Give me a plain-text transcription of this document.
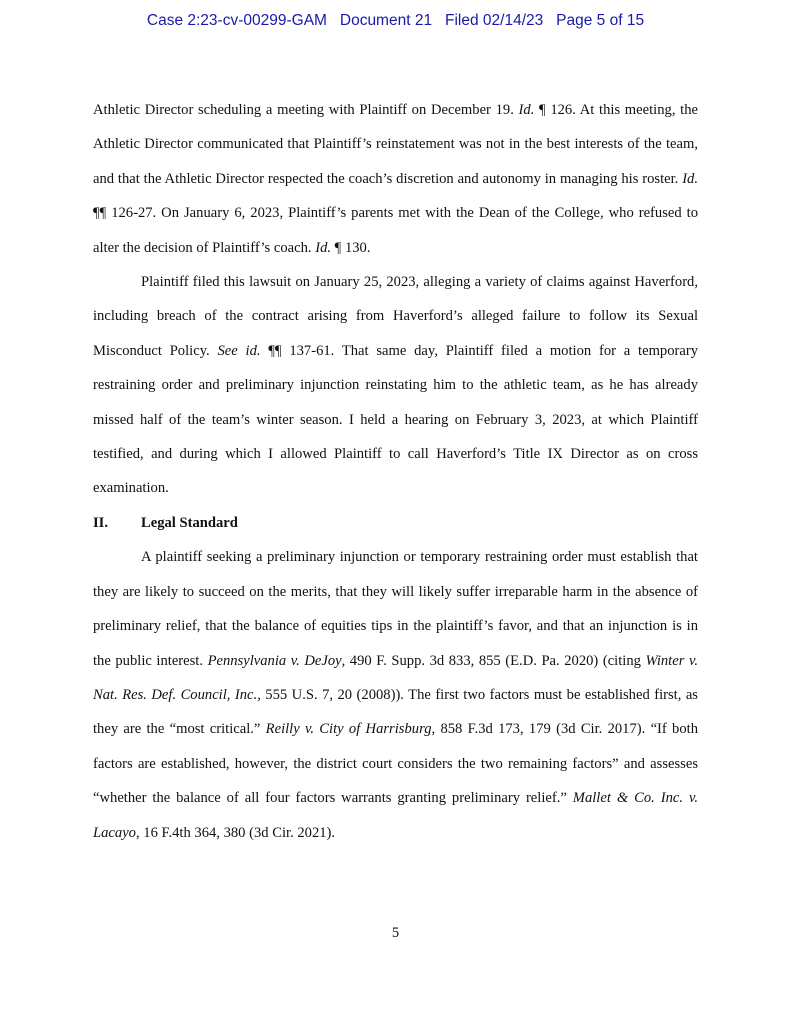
Case 2:23-cv-00299-GAM Document 21 Filed 02/14/23 Page 5 of 15

Athletic Director scheduling a meeting with Plaintiff on December 19. Id. ¶ 126. At this meeting, the Athletic Director communicated that Plaintiff’s reinstatement was not in the best interests of the team, and that the Athletic Director respected the coach’s discretion and autonomy in managing his roster. Id. ¶¶ 126-27. On January 6, 2023, Plaintiff’s parents met with the Dean of the College, who refused to alter the decision of Plaintiff’s coach. Id. ¶ 130.

Plaintiff filed this lawsuit on January 25, 2023, alleging a variety of claims against Haverford, including breach of the contract arising from Haverford’s alleged failure to follow its Sexual Misconduct Policy. See id. ¶¶ 137-61. That same day, Plaintiff filed a motion for a temporary restraining order and preliminary injunction reinstating him to the athletic team, as he has already missed half of the team’s winter season. I held a hearing on February 3, 2023, at which Plaintiff testified, and during which I allowed Plaintiff to call Haverford’s Title IX Director as on cross examination.

II.	Legal Standard

A plaintiff seeking a preliminary injunction or temporary restraining order must establish that they are likely to succeed on the merits, that they will likely suffer irreparable harm in the absence of preliminary relief, that the balance of equities tips in the plaintiff’s favor, and that an injunction is in the public interest. Pennsylvania v. DeJoy, 490 F. Supp. 3d 833, 855 (E.D. Pa. 2020) (citing Winter v. Nat. Res. Def. Council, Inc., 555 U.S. 7, 20 (2008)). The first two factors must be established first, as they are the “most critical.” Reilly v. City of Harrisburg, 858 F.3d 173, 179 (3d Cir. 2017). “If both factors are established, however, the district court considers the two remaining factors” and assesses “whether the balance of all four factors warrants granting preliminary relief.” Mallet & Co. Inc. v. Lacayo, 16 F.4th 364, 380 (3d Cir. 2021).

5
